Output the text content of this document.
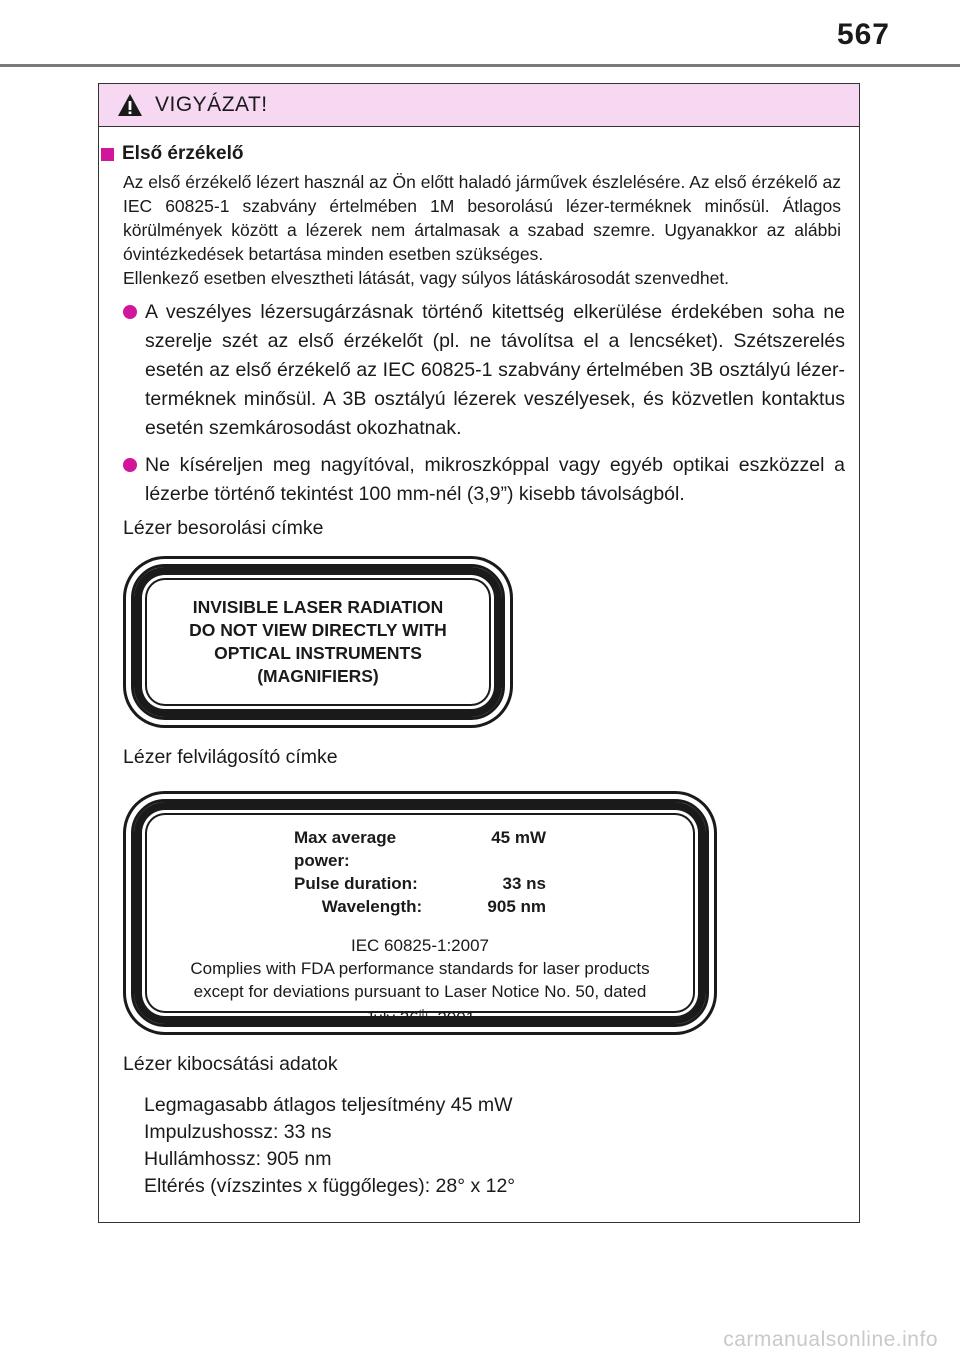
567
VIGYÁZAT!
Első érzékelő
Az első érzékelő lézert használ az Ön előtt haladó járművek észlelésére. Az első érzékelő az IEC 60825-1 szabvány értelmében 1M besorolású lézer-terméknek minősül. Átlagos körülmények között a lézerek nem ártalmasak a szabad szemre. Ugyanakkor az alábbi óvintézkedések betartása minden esetben szükséges.
Ellenkező esetben elvesztheti látását, vagy súlyos látáskárosodát szenvedhet.
A veszélyes lézersugárzásnak történő kitettség elkerülése érdekében soha ne szerelje szét az első érzékelőt (pl. ne távolítsa el a lencséket). Szétszerelés esetén az első érzékelő az IEC 60825-1 szabvány értelmében 3B osztályú lézer-terméknek minősül. A 3B osztályú lézerek veszélyesek, és közvetlen kontaktus esetén szemkárosodást okozhatnak.
Ne kíséreljen meg nagyítóval, mikroszkóppal vagy egyéb optikai eszközzel a lézerbe történő tekintést 100 mm-nél (3,9”) kisebb távolságból.
Lézer besorolási címke
INVISIBLE LASER RADIATION
DO NOT VIEW DIRECTLY WITH
OPTICAL INSTRUMENTS
(MAGNIFIERS)
Lézer felvilágosító címke
Max average power:
45 mW
Pulse duration:	33 ns
Wavelength:	905 nm
IEC 60825-1:2007
Complies with FDA performance standards for laser products
except for deviations pursuant to Laser Notice No. 50, dated
July 26th, 2001
Lézer kibocsátási adatok
Legmagasabb átlagos teljesítmény 45 mW
Impulzushossz: 33 ns
Hullámhossz: 905 nm
Eltérés (vízszintes x függőleges): 28° x 12°
carmanualsonline.info
